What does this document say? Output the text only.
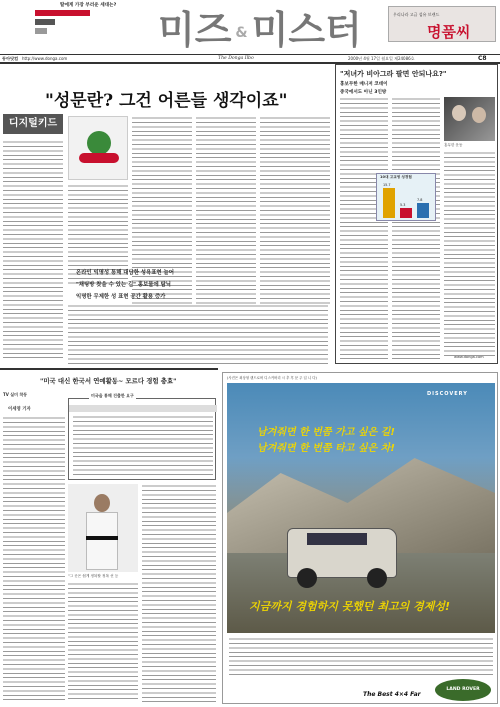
딸에게 가장 부러운 세대는?
미즈 & 미스터	우리나라 고급 섬유 브랜드
명품씨
동아닷컴 http://www.donga.com	The Donga Ilbo	2000년 4월 17일 월요일 제24086호	C8
"성문란? 그건 어른들 생각이죠"
디지털키드
온라인 익명성 통해 대담한 성욕표현 늘어
"채팅방 찾을 수 있는 길" 홍보물에 탐닉
익명한 무제한 성 표현 공간 활용 증가
"저녀가 비아그라 팔면 안되나요?"
홍보무한 매니저 코데이
중국에서도 아닌 3인방
홍무한 운동
10대 고교생 성경험
15.7
5.3
7.8
www.donga.com
"미국 대신 한국서 연예활동~ 모르다 경험 충효"
TV 실미 착동
이세영 기자
미국을 통해 진출한 요구
"그 곳은 쉽게 정복할 정복 선 등
(사진은 최상형 랜드로버 디스커버리 시 추 후 문 주 입 니 다)
남겨줘면 한 번쯤 가고 싶은 길!
남겨줘면 한 번쯤 타고 싶은 차!
DISCOVERY
지금까지 경험하지 못했던 최고의 경제성!
LAND ROVER
The Best 4×4 Far
